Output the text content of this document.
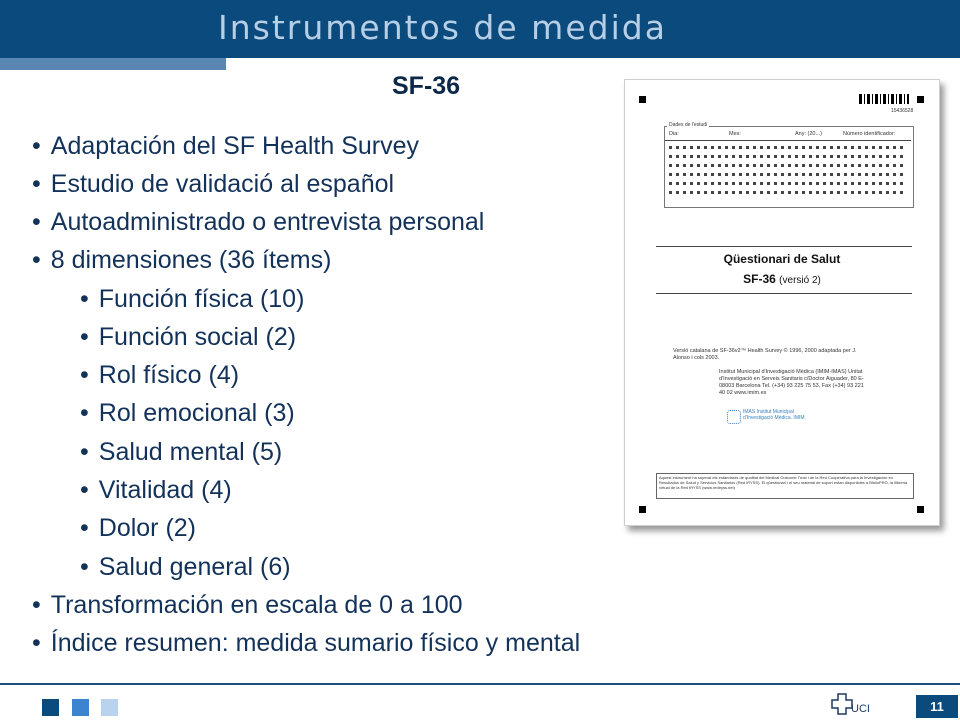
Instrumentos de medida
SF-36
• Adaptación del SF Health Survey
• Estudio de validació al español
• Autoadministrado o entrevista personal
• 8 dimensiones (36 ítems)
• Función física (10)
• Función social (2)
• Rol físico (4)
• Rol emocional (3)
• Salud mental (5)
• Vitalidad (4)
• Dolor (2)
• Salud general (6)
• Transformación en escala de 0 a 100
• Índice resumen: medida sumario físico y mental
15436528
Dades de l'estudi
Dia:	Mes:	Any: (20...)	Número identificador:
Qüestionari de Salut
SF-36 (versió 2)
Versió catalana de SF-36v2™ Health Survey © 1996, 2000 adaptada per J. Alonso i cols 2003.
Institut Municipal d'Investigació Mèdica (IMIM-IMAS) Unitat d'Investigació en Serveis Sanitaris c/Doctor Aiguader, 80 E-08003 Barcelona Tel. (+34) 93 225 75 53, Fax (+34) 93 221 40 02 www.imim.es
IMAS Institut Municipal d'Investigació Mèdica. IMIM
Aquest instrument ha superat els estàndards de qualitat del Medical Outcome Trust i de la Red Cooperativa para la Investigación en Resultados de Salud y Servicios Sanitarios (Red IRYSS). El qüestionari i el seu material de suport estan disponibles a BiblioPRO, la llibreria virtual de la Red IRYSS (www.rediryss.net)
UCI	11
